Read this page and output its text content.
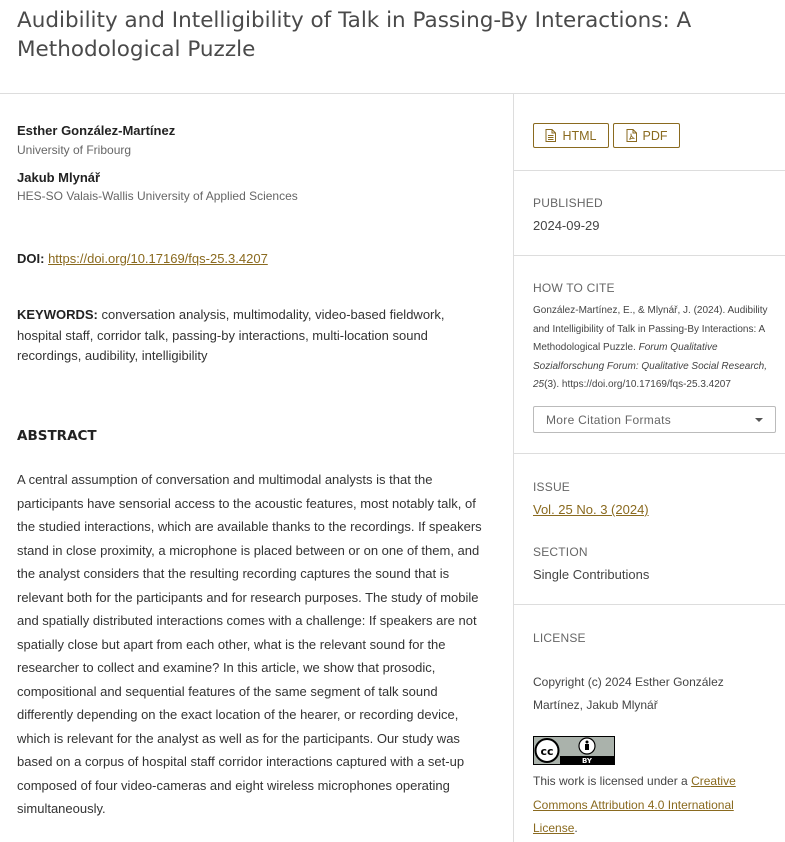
Audibility and Intelligibility of Talk in Passing-By Interactions: A Methodological Puzzle
Esther González-Martínez
University of Fribourg
Jakub Mlynář
HES-SO Valais-Wallis University of Applied Sciences
DOI: https://doi.org/10.17169/fqs-25.3.4207
KEYWORDS: conversation analysis, multimodality, video-based fieldwork, hospital staff, corridor talk, passing-by interactions, multi-location sound recordings, audibility, intelligibility
ABSTRACT

A central assumption of conversation and multimodal analysts is that the participants have sensorial access to the acoustic features, most notably talk, of the studied interactions, which are available thanks to the recordings. If speakers stand in close proximity, a microphone is placed between or on one of them, and the analyst considers that the resulting recording captures the sound that is relevant both for the participants and for research purposes. The study of mobile and spatially distributed interactions comes with a challenge: If speakers are not spatially close but apart from each other, what is the relevant sound for the researcher to collect and examine? In this article, we show that prosodic, compositional and sequential features of the same segment of talk sound differently depending on the exact location of the hearer, or recording device, which is relevant for the analyst as well as for the participants. Our study was based on a corpus of hospital staff corridor interactions captured with a set-up composed of four video-cameras and eight wireless microphones operating simultaneously.

HTML	PDF
PUBLISHED
2024-09-29
HOW TO CITE
González-Martínez, E., & Mlynář, J. (2024). Audibility and Intelligibility of Talk in Passing-By Interactions: A Methodological Puzzle. Forum Qualitative Sozialforschung Forum: Qualitative Social Research, 25(3). https://doi.org/10.17169/fqs-25.3.4207
More Citation Formats
ISSUE
Vol. 25 No. 3 (2024)
SECTION
Single Contributions
LICENSE
Copyright (c) 2024 Esther González Martínez, Jakub Mlynář
cc
BY
This work is licensed under a Creative Commons Attribution 4.0 International License.
